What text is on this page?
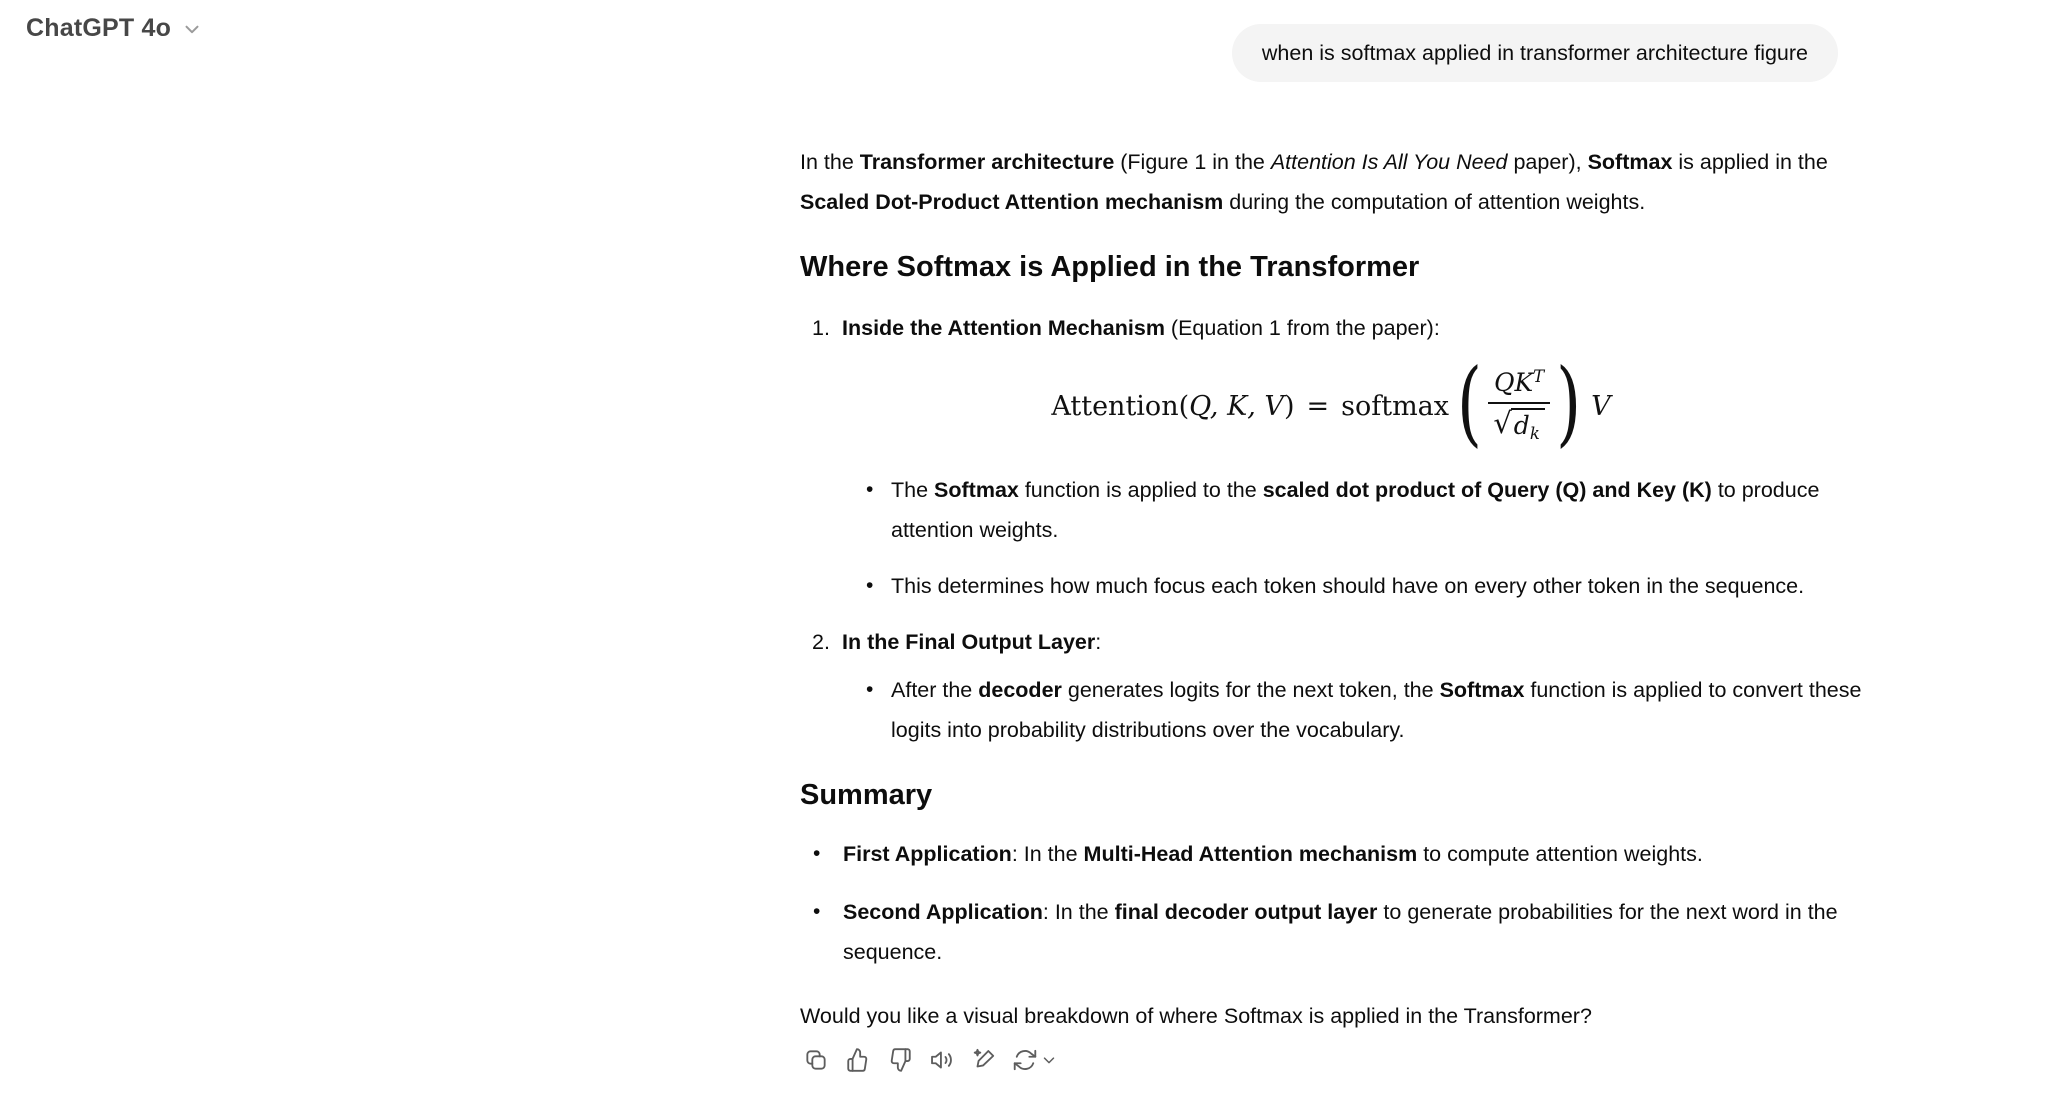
ChatGPT 4o
when is softmax applied in transformer architecture figure

In the Transformer architecture (Figure 1 in the Attention Is All You Need paper), Softmax is applied in the Scaled Dot-Product Attention mechanism during the computation of attention weights.

Where Softmax is Applied in the Transformer
1. Inside the Attention Mechanism (Equation 1 from the paper):
Attention ( Q, K, V ) = softmax ( $\frac{QK^T}{√ dk}$ ) V
• The Softmax function is applied to the scaled dot product of Query (Q) and Key (K) to produce attention weights.
• This determines how much focus each token should have on every other token in the sequence.
2. In the Final Output Layer:
• After the decoder generates logits for the next token, the Softmax function is applied to convert these logits into probability distributions over the vocabulary.
Summary
•	First Application: In the Multi-Head Attention mechanism to compute attention weights.
•	Second Application: In the final decoder output layer to generate probabilities for the next word in the sequence.

Would you like a visual breakdown of where Softmax is applied in the Transformer?
